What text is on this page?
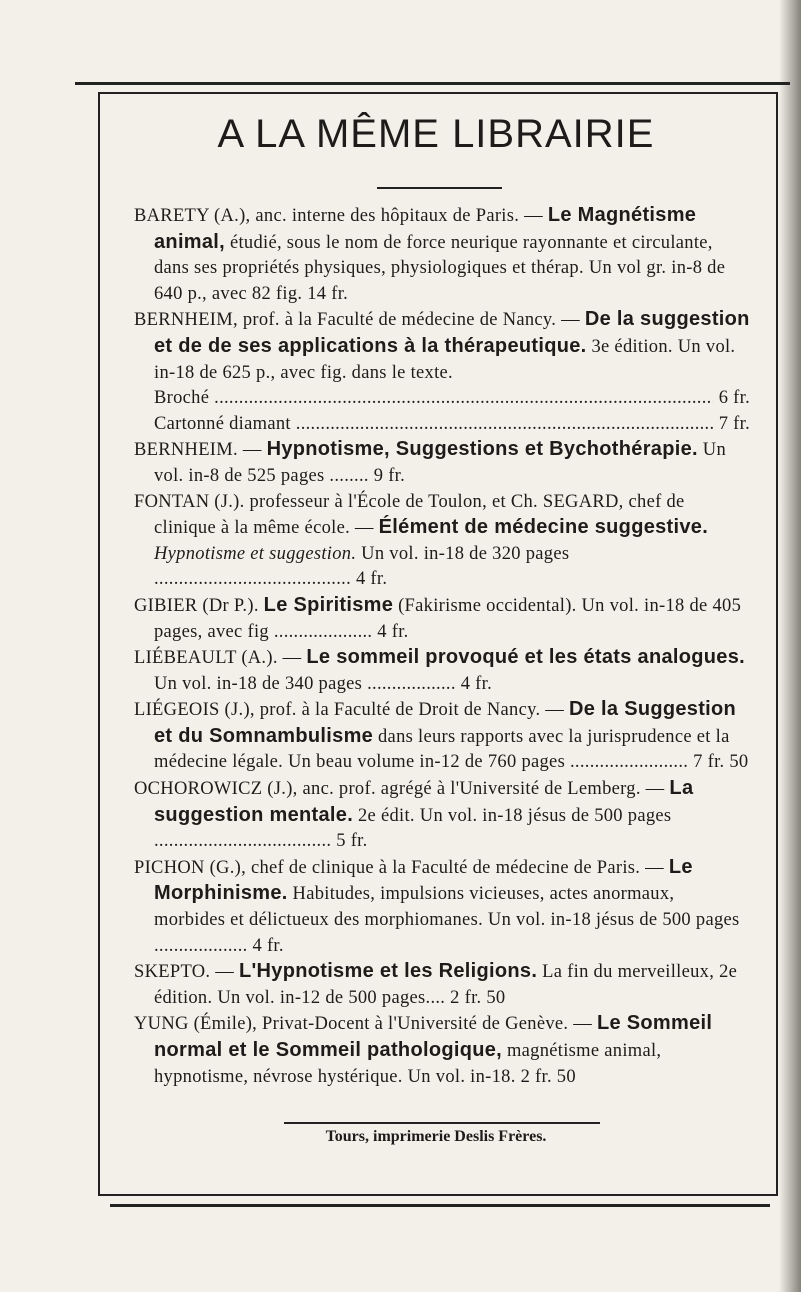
A LA MÊME LIBRAIRIE

BARETY (A.), anc. interne des hôpitaux de Paris. — Le Magnétisme animal, étudié, sous le nom de force neurique rayonnante et circulante, dans ses propriétés physiques, physiologiques et thérap. Un vol gr. in-8 de 640 p., avec 82 fig. 14 fr.

BERNHEIM, prof. à la Faculté de médecine de Nancy. — De la suggestion et de de ses applications à la thérapeutique. 3e édition. Un vol. in-18 de 625 p., avec fig. dans le texte.

Broché .....	6 fr.
Cartonné diamant .....	7 fr.

BERNHEIM. — Hypnotisme, Suggestions et Bychothérapie. Un vol. in-8 de 525 pages ........ 9 fr.

FONTAN (J.). professeur à l'École de Toulon, et Ch. SEGARD, chef de clinique à la même école. — Élément de médecine suggestive. Hypnotisme et suggestion. Un vol. in-18 de 320 pages ........................................ 4 fr.

GIBIER (Dr P.). Le Spiritisme (Fakirisme occidental). Un vol. in-18 de 405 pages, avec fig .................... 4 fr.

LIÉBEAULT (A.). — Le sommeil provoqué et les états analogues. Un vol. in-18 de 340 pages .................. 4 fr.

LIÉGEOIS (J.), prof. à la Faculté de Droit de Nancy. — De la Suggestion et du Somnambulisme dans leurs rapports avec la jurisprudence et la médecine légale. Un beau volume in-12 de 760 pages ........................ 7 fr. 50

OCHOROWICZ (J.), anc. prof. agrégé à l'Université de Lemberg. — La suggestion mentale. 2e édit. Un vol. in-18 jésus de 500 pages .................................... 5 fr.

PICHON (G.), chef de clinique à la Faculté de médecine de Paris. — Le Morphinisme. Habitudes, impulsions vicieuses, actes anormaux, morbides et délictueux des morphiomanes. Un vol. in-18 jésus de 500 pages ................... 4 fr.

SKEPTO. — L'Hypnotisme et les Religions. La fin du merveilleux, 2e édition. Un vol. in-12 de 500 pages.... 2 fr. 50

YUNG (Émile), Privat-Docent à l'Université de Genève. — Le Sommeil normal et le Sommeil pathologique, magnétisme animal, hypnotisme, névrose hystérique. Un vol. in-18. 2 fr. 50

Tours, imprimerie Deslis Frères.
